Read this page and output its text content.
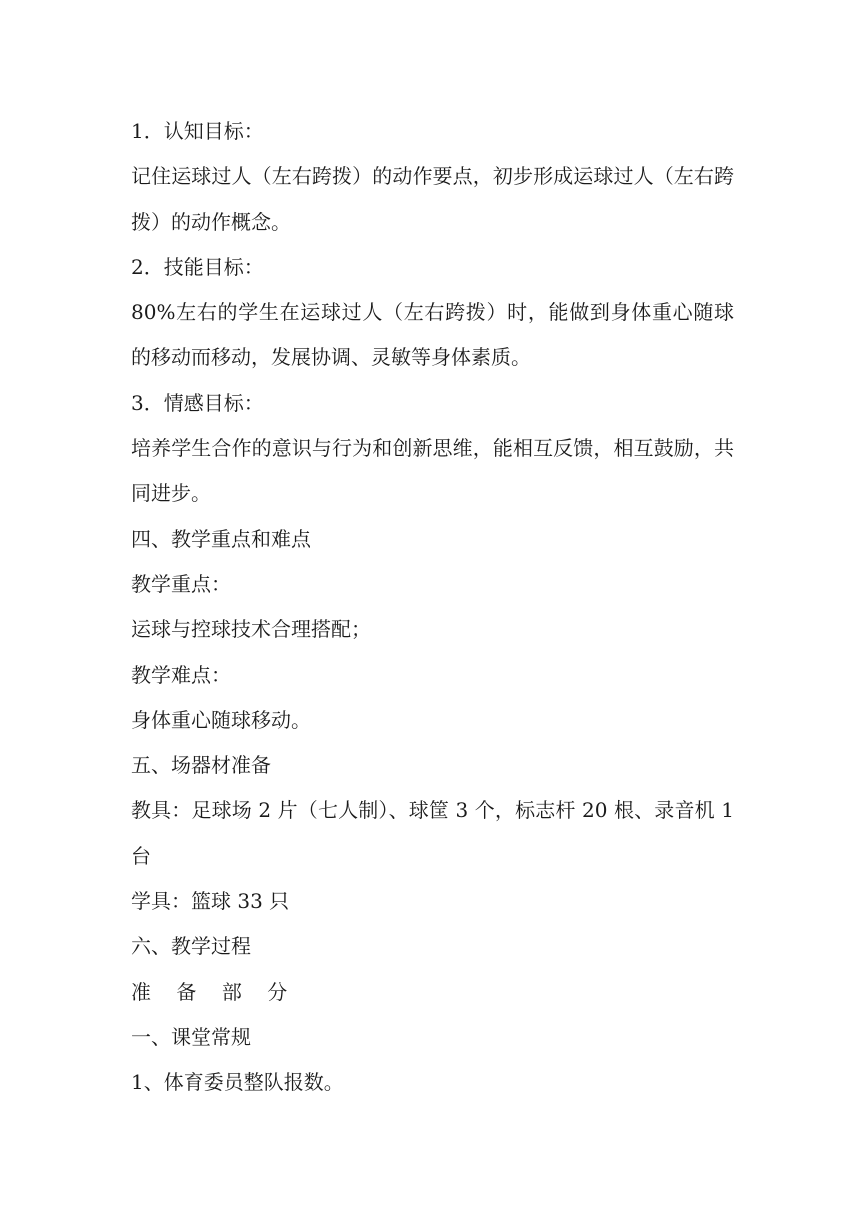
1．认知目标：

记住运球过人（左右跨拨）的动作要点，初步形成运球过人（左右跨拨）的动作概念。

2．技能目标：

80%左右的学生在运球过人（左右跨拨）时，能做到身体重心随球的移动而移动，发展协调、灵敏等身体素质。

3．情感目标：

培养学生合作的意识与行为和创新思维，能相互反馈，相互鼓励，共同进步。

四、教学重点和难点

教学重点：

运球与控球技术合理搭配；

教学难点：

身体重心随球移动。

五、场器材准备

教具：足球场 2 片（七人制）、球筐 3 个，标志杆 20 根、录音机 1 台

学具：篮球 33 只

六、教学过程

准    备    部    分

一、课堂常规

1、体育委员整队报数。
